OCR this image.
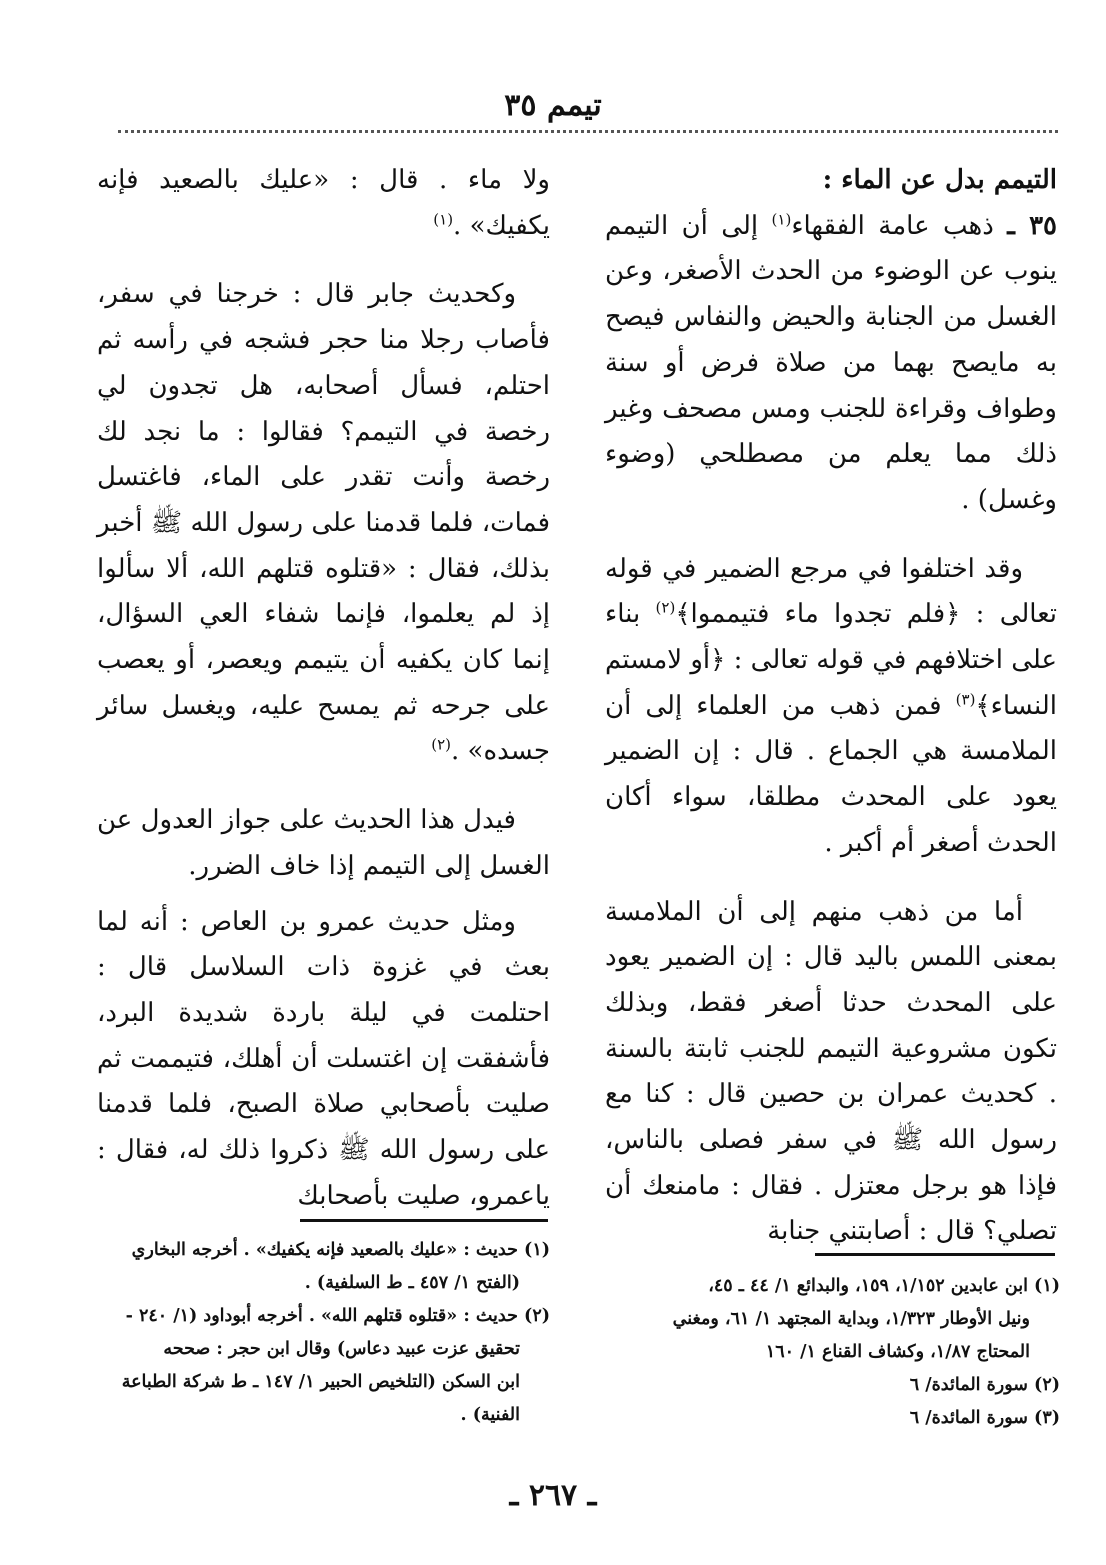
تيمم ٣٥

التيمم بدل عن الماء :

٣٥ ـ ذهب عامة الفقهاء$^{(١)}$ إلى أن التيمم ينوب عن الوضوء من الحدث الأصغر، وعن الغسل من الجنابة والحيض والنفاس فيصح به مايصح بهما من صلاة فرض أو سنة وطواف وقراءة للجنب ومس مصحف وغير ذلك مما يعلم من مصطلحي (وضوء وغسل) .

وقد اختلفوا في مرجع الضمير في قوله تعالى : ﴿فلم تجدوا ماء فتيمموا﴾$^{(٢)}$ بناء على اختلافهم في قوله تعالى : ﴿أو لامستم النساء﴾$^{(٣)}$ فمن ذهب من العلماء إلى أن الملامسة هي الجماع . قال : إن الضمير يعود على المحدث مطلقا، سواء أكان الحدث أصغر أم أكبر .

أما من ذهب منهم إلى أن الملامسة بمعنى اللمس باليد قال : إن الضمير يعود على المحدث حدثا أصغر فقط، وبذلك تكون مشروعية التيمم للجنب ثابتة بالسنة . كحديث عمران بن حصين قال : كنا مع رسول الله ﷺ في سفر فصلى بالناس، فإذا هو برجل معتزل . فقال : مامنعك أن تصلي؟ قال : أصابتني جنابة

ولا ماء . قال : «عليك بالصعيد فإنه يكفيك» .$^{(١)}$

وكحديث جابر قال : خرجنا في سفر، فأصاب رجلا منا حجر فشجه في رأسه ثم احتلم، فسأل أصحابه، هل تجدون لي رخصة في التيمم؟ فقالوا : ما نجد لك رخصة وأنت تقدر على الماء، فاغتسل فمات، فلما قدمنا على رسول الله ﷺ أخبر بذلك، فقال : «قتلوه قتلهم الله، ألا سألوا إذ لم يعلموا، فإنما شفاء العي السؤال، إنما كان يكفيه أن يتيمم ويعصر، أو يعصب على جرحه ثم يمسح عليه، ويغسل سائر جسده» .$^{(٢)}$

فيدل هذا الحديث على جواز العدول عن الغسل إلى التيمم إذا خاف الضرر.

ومثل حديث عمرو بن العاص : أنه لما بعث في غزوة ذات السلاسل قال : احتلمت في ليلة باردة شديدة البرد، فأشفقت إن اغتسلت أن أهلك، فتيممت ثم صليت بأصحابي صلاة الصبح، فلما قدمنا على رسول الله ﷺ ذكروا ذلك له، فقال : ياعمرو، صليت بأصحابك

(١) ابن عابدين ١/١٥٢، ١٥٩، والبدائع ١/ ٤٤ ـ ٤٥،

ونيل الأوطار ١/٣٢٣، وبداية المجتهد ١/ ٦١، ومغني

المحتاج ١/٨٧، وكشاف القناع ١/ ١٦٠

(٢) سورة المائدة/ ٦

(٣) سورة المائدة/ ٦

(١) حديث : «عليك بالصعيد فإنه يكفيك» . أخرجه البخاري

(الفتح ١/ ٤٥٧ ـ ط السلفية) .

(٢) حديث : «قتلوه قتلهم الله» . أخرجه أبوداود (١/ ٢٤٠ -

تحقيق عزت عبيد دعاس) وقال ابن حجر : صححه

ابن السكن (التلخيص الحبير ١/ ١٤٧ ـ ط شركة الطباعة

الفنية) .

ـ ٢٦٧ ـ
